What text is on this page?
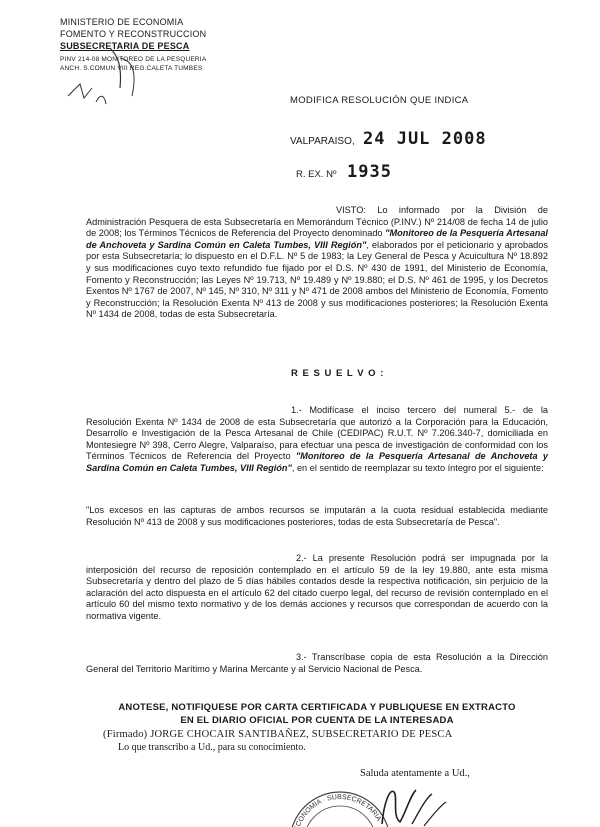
MINISTERIO DE ECONOMIA
FOMENTO Y RECONSTRUCCION
SUBSECRETARIA DE PESCA
PINV 214-08 MONITOREO DE LA PESQUERIA
ANCH. S.COMUN VIII REG.CALETA TUMBES
MODIFICA RESOLUCIÓN QUE INDICA
VALPARAISO, 24 JUL 2008
R. EX. Nº 1935
VISTO: Lo informado por la División de Administración Pesquera de esta Subsecretaría en Memorándum Técnico (P.INV.) Nº 214/08 de fecha 14 de julio de 2008; los Términos Técnicos de Referencia del Proyecto denominado "Monitoreo de la Pesquería Artesanal de Anchoveta y Sardina Común en Caleta Tumbes, VIII Región", elaborados por el peticionario y aprobados por esta Subsecretaría; lo dispuesto en el D.F.L. Nº 5 de 1983; la Ley General de Pesca y Acuicultura Nº 18.892 y sus modificaciones cuyo texto refundido fue fijado por el D.S. Nº 430 de 1991, del Ministerio de Economía, Fomento y Reconstrucción; las Leyes Nº 19.713, Nº 19.489 y Nº 19.880; el D.S. Nº 461 de 1995, y los Decretos Exentos Nº 1767 de 2007, Nº 145, Nº 310, Nº 311 y Nº 471 de 2008 ambos del Ministerio de Economía, Fomento y Reconstrucción; la Resolución Exenta Nº 413 de 2008 y sus modificaciones posteriores; la Resolución Exenta Nº 1434 de 2008, todas de esta Subsecretaría.
R E S U E L V O :
1.- Modifícase el inciso tercero del numeral 5.- de la Resolución Exenta Nº 1434 de 2008 de esta Subsecretaría que autorizó a la Corporación para la Educación, Desarrollo e Investigación de la Pesca Artesanal de Chile (CEDIPAC) R.U.T. Nº 7.206.340-7, domiciliada en Montesiegre Nº 398, Cerro Alegre, Valparaíso, para efectuar una pesca de investigación de conformidad con los Términos Técnicos de Referencia del Proyecto "Monitoreo de la Pesquería Artesanal de Anchoveta y Sardina Común en Caleta Tumbes, VIII Región", en el sentido de reemplazar su texto íntegro por el siguiente:
"Los excesos en las capturas de ambos recursos se imputarán a la cuota residual establecida mediante Resolución Nº 413 de 2008 y sus modificaciones posteriores, todas de esta Subsecretaría de Pesca".
2.- La presente Resolución podrá ser impugnada por la interposición del recurso de reposición contemplado en el artículo 59 de la ley 19.880, ante esta misma Subsecretaría y dentro del plazo de 5 días hábiles contados desde la respectiva notificación, sin perjuicio de la aclaración del acto dispuesta en el artículo 62 del citado cuerpo legal, del recurso de revisión contemplado en el artículo 60 del mismo texto normativo y de los demás acciones y recursos que correspondan de acuerdo con la normativa vigente.
3.- Transcríbase copia de esta Resolución a la Dirección General del Territorio Marítimo y Marina Mercante y al Servicio Nacional de Pesca.
ANOTESE, NOTIFIQUESE POR CARTA CERTIFICADA Y PUBLIQUESE EN EXTRACTO
EN EL DIARIO OFICIAL POR CUENTA DE LA INTERESADA
(Firmado) JORGE CHOCAIR SANTIBAÑEZ, SUBSECRETARIO DE PESCA
Lo que transcribo a Ud., para su conocimiento.
Saluda atentamente a Ud.,
CONOMIA · SUBSECRETARIA
